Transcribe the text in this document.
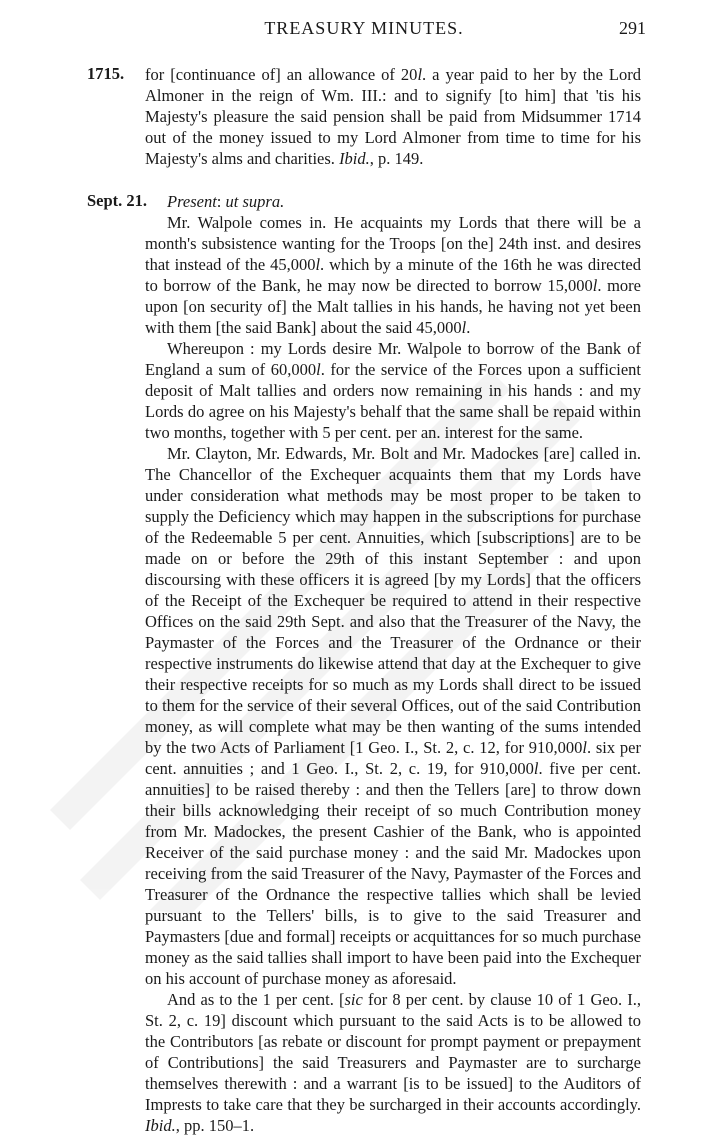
TREASURY MINUTES.	291
1715. for [continuance of] an allowance of 20l. a year paid to her by the Lord Almoner in the reign of Wm. III.: and to signify [to him] that 'tis his Majesty's pleasure the said pension shall be paid from Midsummer 1714 out of the money issued to my Lord Almoner from time to time for his Majesty's alms and charities. Ibid., p. 149.

Sept. 21.	Present: ut supra.

Mr. Walpole comes in. He acquaints my Lords that there will be a month's subsistence wanting for the Troops [on the] 24th inst. and desires that instead of the 45,000l. which by a minute of the 16th he was directed to borrow of the Bank, he may now be directed to borrow 15,000l. more upon [on security of] the Malt tallies in his hands, he having not yet been with them [the said Bank] about the said 45,000l.

Whereupon : my Lords desire Mr. Walpole to borrow of the Bank of England a sum of 60,000l. for the service of the Forces upon a sufficient deposit of Malt tallies and orders now remaining in his hands : and my Lords do agree on his Majesty's behalf that the same shall be repaid within two months, together with 5 per cent. per an. interest for the same.

Mr. Clayton, Mr. Edwards, Mr. Bolt and Mr. Madockes [are] called in. The Chancellor of the Exchequer acquaints them that my Lords have under consideration what methods may be most proper to be taken to supply the Deficiency which may happen in the subscriptions for purchase of the Redeemable 5 per cent. Annuities, which [subscriptions] are to be made on or before the 29th of this instant September : and upon discoursing with these officers it is agreed [by my Lords] that the officers of the Receipt of the Exchequer be required to attend in their respective Offices on the said 29th Sept. and also that the Treasurer of the Navy, the Paymaster of the Forces and the Treasurer of the Ordnance or their respective instruments do likewise attend that day at the Exchequer to give their respective receipts for so much as my Lords shall direct to be issued to them for the service of their several Offices, out of the said Contribution money, as will complete what may be then wanting of the sums intended by the two Acts of Parliament [1 Geo. I., St. 2, c. 12, for 910,000l. six per cent. annuities ; and 1 Geo. I., St. 2, c. 19, for 910,000l. five per cent. annuities] to be raised thereby : and then the Tellers [are] to throw down their bills acknowledging their receipt of so much Contribution money from Mr. Madockes, the present Cashier of the Bank, who is appointed Receiver of the said purchase money : and the said Mr. Madockes upon receiving from the said Treasurer of the Navy, Paymaster of the Forces and Treasurer of the Ordnance the respective tallies which shall be levied pursuant to the Tellers' bills, is to give to the said Treasurer and Paymasters [due and formal] receipts or acquittances for so much purchase money as the said tallies shall import to have been paid into the Exchequer on his account of purchase money as aforesaid.

And as to the 1 per cent. [sic for 8 per cent. by clause 10 of 1 Geo. I., St. 2, c. 19] discount which pursuant to the said Acts is to be allowed to the Contributors [as rebate or discount for prompt payment or prepayment of Contributions] the said Treasurers and Paymaster are to surcharge themselves therewith : and a warrant [is to be issued] to the Auditors of Imprests to take care that they be surcharged in their accounts accordingly. Ibid., pp. 150–1.
